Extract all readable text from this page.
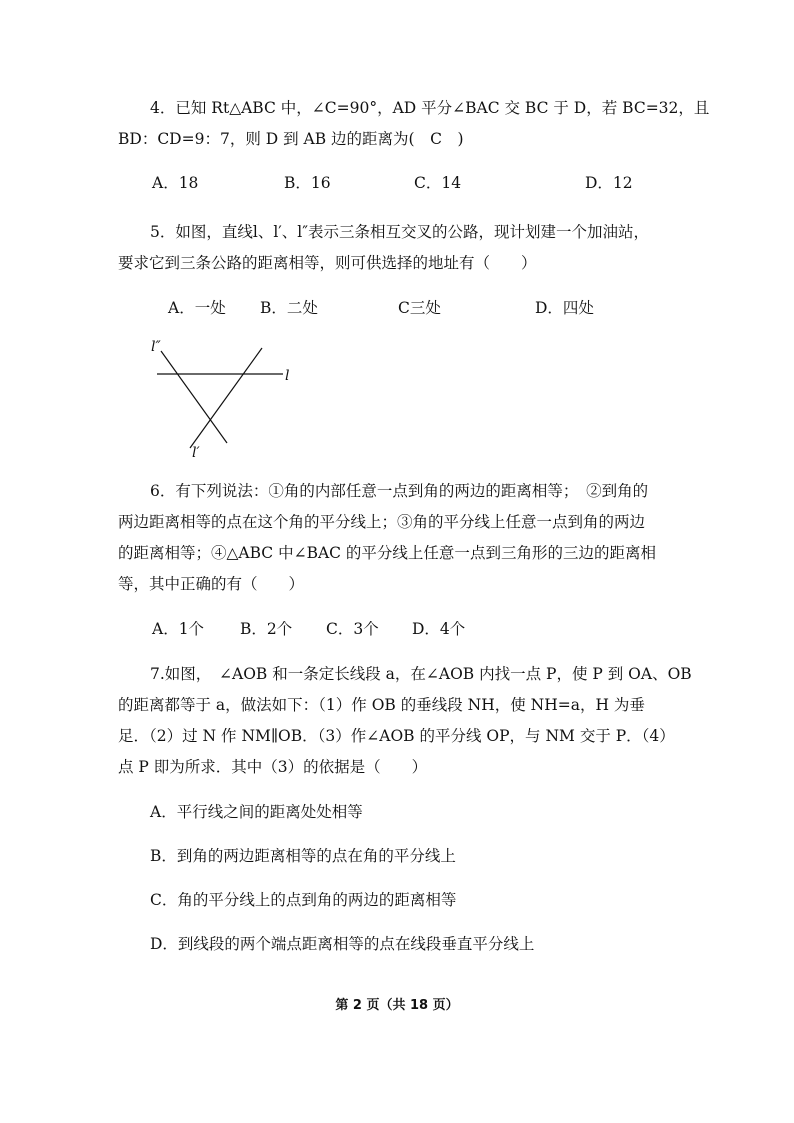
4．已知 Rt△ABC 中，∠C=90°，AD 平分∠BAC 交 BC 于 D，若 BC=32，且
BD：CD=9：7，则 D 到 AB 边的距离为(　C　)
A．18	B．16	C．14	D．12
5．如图，直线l、l′、l″表示三条相互交叉的公路，现计划建一个加油站，
要求它到三条公路的距离相等，则可供选择的地址有（　　）
A．一处 B．二处	C三处	D．四处
l″
l
l′
6．有下列说法：①角的内部任意一点到角的两边的距离相等；　②到角的
两边距离相等的点在这个角的平分线上；③角的平分线上任意一点到角的两边
的距离相等；④△ABC 中∠BAC 的平分线上任意一点到三角形的三边的距离相
等，其中正确的有（　　）
A．1个 B．2个 C．3个 D．4个
7.如图，　∠AOB 和一条定长线段 a，在∠AOB 内找一点 P，使 P 到 OA、OB
的距离都等于 a，做法如下：（1）作 OB 的垂线段 NH，使 NH=a，H 为垂
足．（2）过 N 作 NM∥OB．（3）作∠AOB 的平分线 OP，与 NM 交于 P．（4）
点 P 即为所求．其中（3）的依据是（　　）
A．平行线之间的距离处处相等
B．到角的两边距离相等的点在角的平分线上
C．角的平分线上的点到角的两边的距离相等
D．到线段的两个端点距离相等的点在线段垂直平分线上
第 2 页（共 18 页）
